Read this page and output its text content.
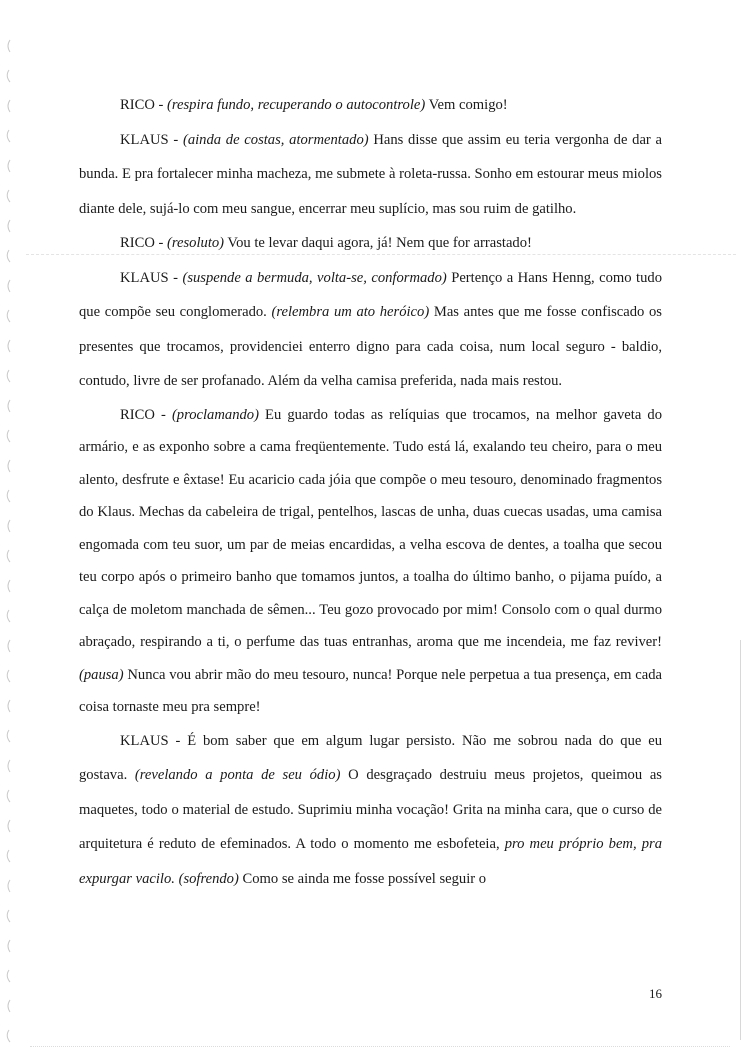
RICO - (respira fundo, recuperando o autocontrole) Vem comigo!

KLAUS - (ainda de costas, atormentado) Hans disse que assim eu teria vergonha de dar a bunda. E pra fortalecer minha macheza, me submete à roleta-russa. Sonho em estourar meus miolos diante dele, sujá-lo com meu sangue, encerrar meu suplício, mas sou ruim de gatilho.

RICO - (resoluto) Vou te levar daqui agora, já! Nem que for arrastado!

KLAUS - (suspende a bermuda, volta-se, conformado) Pertenço a Hans Henng, como tudo que compõe seu conglomerado. (relembra um ato heróico) Mas antes que me fosse confiscado os presentes que trocamos, providenciei enterro digno para cada coisa, num local seguro - baldio, contudo, livre de ser profanado. Além da velha camisa preferida, nada mais restou.

RICO - (proclamando) Eu guardo todas as relíquias que trocamos, na melhor gaveta do armário, e as exponho sobre a cama freqüentemente. Tudo está lá, exalando teu cheiro, para o meu alento, desfrute e êxtase! Eu acaricio cada jóia que compõe o meu tesouro, denominado fragmentos do Klaus. Mechas da cabeleira de trigal, pentelhos, lascas de unha, duas cuecas usadas, uma camisa engomada com teu suor, um par de meias encardidas, a velha escova de dentes, a toalha que secou teu corpo após o primeiro banho que tomamos juntos, a toalha do último banho, o pijama puído, a calça de moletom manchada de sêmen... Teu gozo provocado por mim! Consolo com o qual durmo abraçado, respirando a ti, o perfume das tuas entranhas, aroma que me incendeia, me faz reviver! (pausa) Nunca vou abrir mão do meu tesouro, nunca! Porque nele perpetua a tua presença, em cada coisa tornaste meu pra sempre!

KLAUS - É bom saber que em algum lugar persisto. Não me sobrou nada do que eu gostava. (revelando a ponta de seu ódio) O desgraçado destruiu meus projetos, queimou as maquetes, todo o material de estudo. Suprimiu minha vocação! Grita na minha cara, que o curso de arquitetura é reduto de efeminados. A todo o momento me esbofeteia, pro meu próprio bem, pra expurgar vacilo. (sofrendo) Como se ainda me fosse possível seguir o

16
